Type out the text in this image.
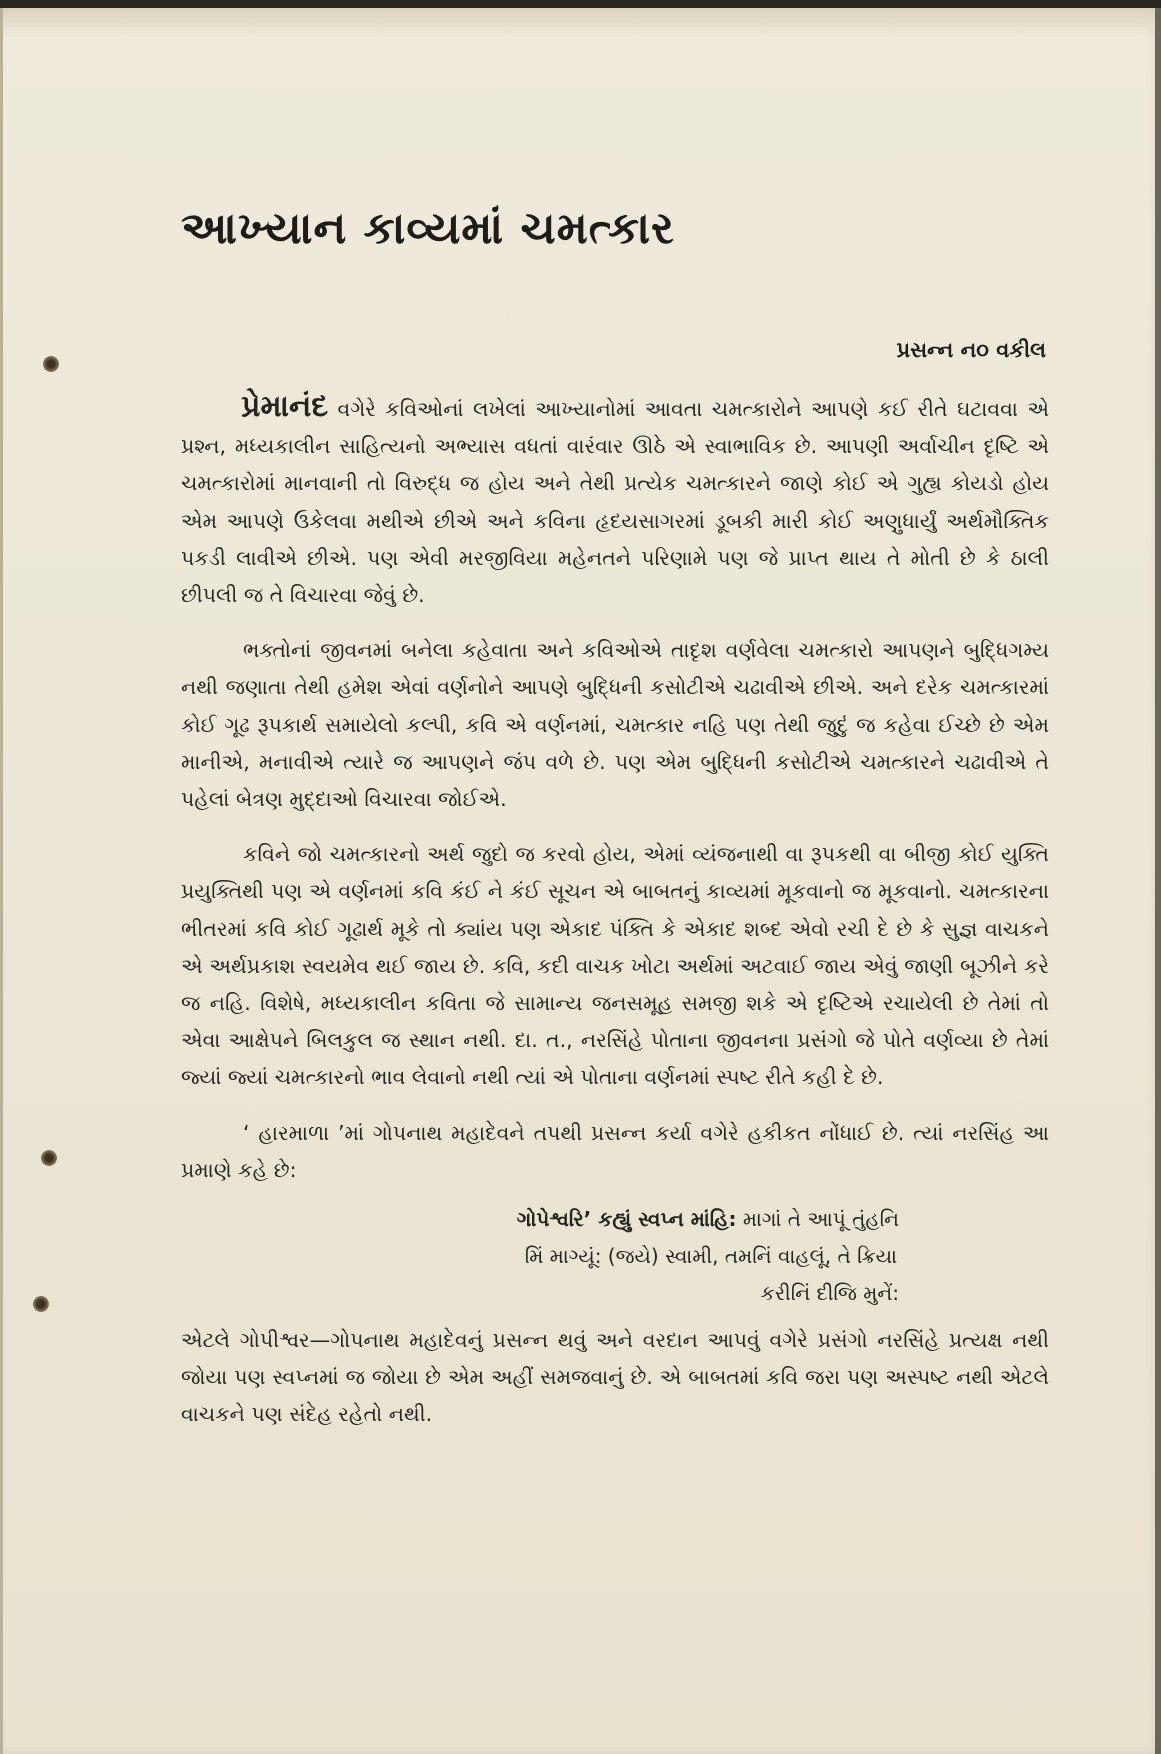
આખ્યાન કાવ્યમાં ચમત્કાર
પ્રસન્ન ન૦ વકીલ

પ્રેમાનંદ વગેરે કવિઓનાં લખેલાં આખ્યાનોમાં આવતા ચમત્કારોને આપણે કઈ રીતે ઘટાવવા એ પ્રશ્ન, મધ્યકાલીન સાહિત્યનો અભ્યાસ વધતાં વારંવાર ઊઠે એ સ્વાભાવિક છે. આપણી અર્વાચીન દૃષ્ટિ એ ચમત્કારોમાં માનવાની તો વિરુદ્ધ જ હોય અને તેથી પ્રત્યેક ચમત્કારને જાણે કોઈ એ ગુહ્ય કોયડો હોય એમ આપણે ઉકેલવા મથીએ છીએ અને કવિના હૃદયસાગરમાં ડૂબકી મારી કોઈ અણુધાર્યું અર્થમૌક્તિક પકડી લાવીએ છીએ. પણ એવી મરજીવિયા મહેનતને પરિણામે પણ જે પ્રાપ્ત થાય તે મોતી છે કે ઠાલી છીપલી જ તે વિચારવા જેવું છે.

ભક્તોનાં જીવનમાં બનેલા કહેવાતા અને કવિઓએ તાદૃશ વર્ણવેલા ચમત્કારો આપણને બુદ્ધિગમ્ય નથી જણાતા તેથી હમેશ એવાં વર્ણનોને આપણે બુદ્ધિની કસોટીએ ચઢાવીએ છીએ. અને દરેક ચમત્કારમાં કોઈ ગૂઢ રૂપકાર્થ સમાયેલો કલ્પી, કવિ એ વર્ણનમાં, ચમત્કાર નહિ પણ તેથી જુદું જ કહેવા ઈચ્છે છે એમ માનીએ, મનાવીએ ત્યારે જ આપણને જંપ વળે છે. પણ એમ બુદ્ધિની કસોટીએ ચમત્કારને ચઢાવીએ તે પહેલાં બેત્રણ મુદ્દાઓ વિચારવા જોઈએ.

કવિને જો ચમત્કારનો અર્થ જુદો જ કરવો હોય, એમાં વ્યંજનાથી વા રૂપકથી વા બીજી કોઈ યુક્તિ પ્રયુક્તિથી પણ એ વર્ણનમાં કવિ કંઈ ને કંઈ સૂચન એ બાબતનું કાવ્યમાં મૂકવાનો જ મૂકવાનો. ચમત્કારના ભીતરમાં કવિ કોઈ ગૂઢાર્થ મૂકે તો ક્યાંય પણ એકાદ પંક્તિ કે એકાદ શબ્દ એવો રચી દે છે કે સુજ્ઞ વાચકને એ અર્થપ્રકાશ સ્વયમેવ થઈ જાય છે. કવિ, કદી વાચક ખોટા અર્થમાં અટવાઈ જાય એવું જાણી બૂઝીને કરે જ નહિ. વિશેષે, મધ્યકાલીન કવિતા જે સામાન્ય જનસમૂહ સમજી શકે એ દૃષ્ટિએ રચાયેલી છે તેમાં તો એવા આક્ષેપને બિલકુલ જ સ્થાન નથી. દા. ત., નરસિંહે પોતાના જીવનના પ્રસંગો જે પોતે વર્ણવ્યા છે તેમાં જ્યાં જ્યાં ચમત્કારનો ભાવ લેવાનો નથી ત્યાં એ પોતાના વર્ણનમાં સ્પષ્ટ રીતે કહી દે છે.

‘ હારમાળા ’માં ગોપનાથ મહાદેવને તપથી પ્રસન્ન કર્યા વગેરે હકીકત નોંધાઈ છે. ત્યાં નરસિંહ આ પ્રમાણે કહે છે:

ગોપેશ્વરિ’ કહ્યું સ્વપ્ન માંહિ: માગાં તે આપૂં તુંહનિ
મિં માગ્યૂં: (જયે) સ્વામી, તમનિં વાહલૂં, તે ક્રિયા
કરીનિં દીજિ મુનેં:

એટલે ગોપીશ્વર—ગોપનાથ મહાદેવનું પ્રસન્ન થવું અને વરદાન આપવું વગેરે પ્રસંગો નરસિંહે પ્રત્યક્ષ નથી જોયા પણ સ્વપ્નમાં જ જોયા છે એમ અહીં સમજવાનું છે. એ બાબતમાં કવિ જરા પણ અસ્પષ્ટ નથી એટલે વાચકને પણ સંદેહ રહેતો નથી.
